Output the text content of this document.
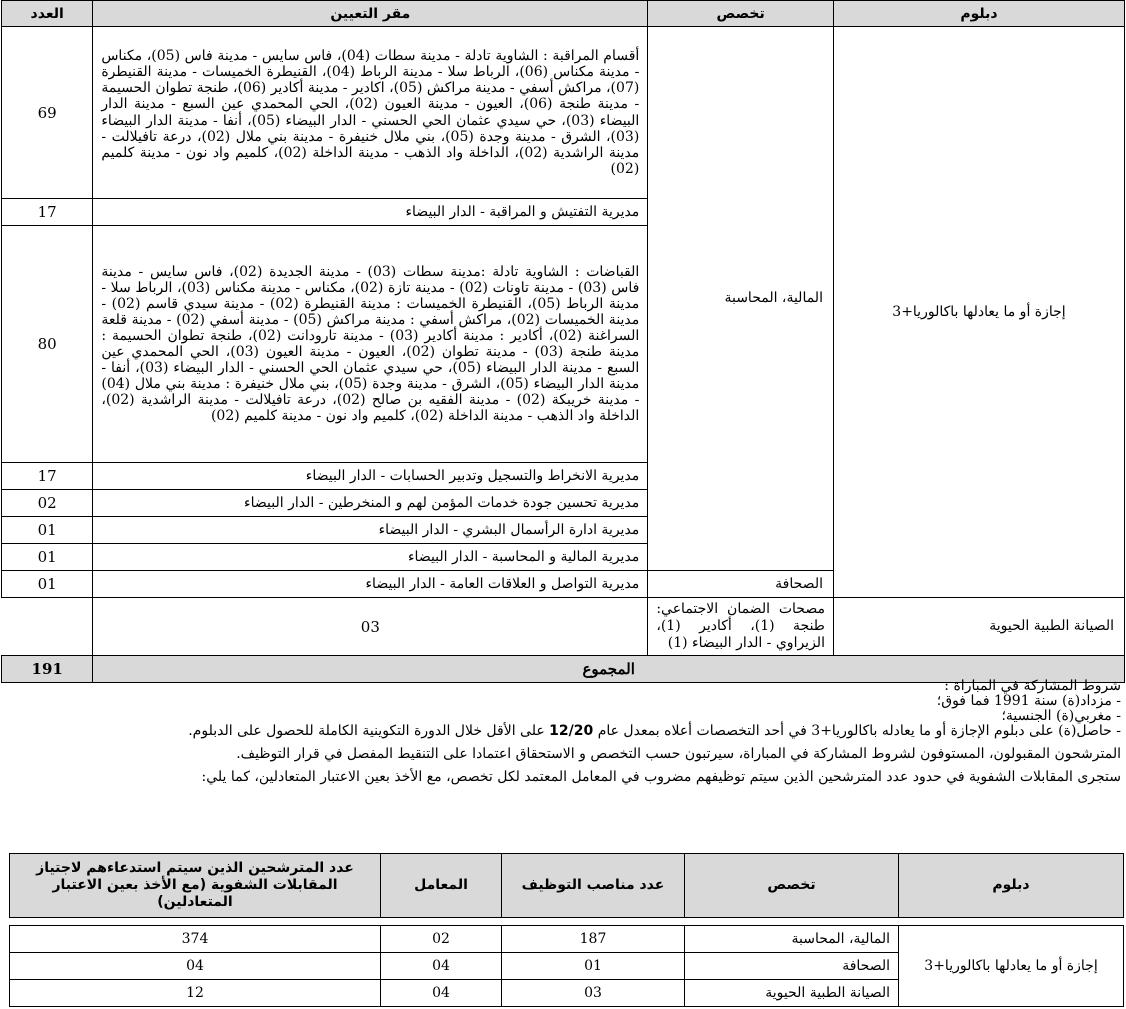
دبلوم	تخصص	مقر التعيين	العدد
إجازة أو ما يعادلها باكالوريا+3	المالية، المحاسبة	أقسام المراقبة : الشاوية تادلة - مدينة سطات (04)، فاس سايس - مدينة فاس (05)، مكناس - مدينة مكناس (06)، الرباط سلا - مدينة الرباط (04)، القنيطرة الخميسات - مدينة القنيطرة (07)، مراكش أسفي - مدينة مراكش (05)، اكادير - مدينة أكادير (06)، طنجة تطوان الحسيمة - مدينة طنجة (06)، العيون - مدينة العيون (02)، الحي المحمدي عين السبع - مدينة الدار البيضاء (03)، حي سيدي عثمان الحي الحسني - الدار البيضاء (05)، أنفا - مدينة الدار البيضاء (03)، الشرق - مدينة وجدة (05)، بني ملال خنيفرة - مدينة بني ملال (02)، درعة تافيلالت - مدينة الراشدية (02)، الداخلة واد الذهب - مدينة الداخلة (02)، كلميم واد نون - مدينة كلميم (02)	69
		مديرية التفتيش و المراقبة - الدار البيضاء	17
		القباضات : الشاوية تادلة :مدينة سطات (03) - مدينة الجديدة (02)، فاس سايس - مدينة فاس (03) - مدينة تاونات (02) - مدينة تازة (02)، مكناس - مدينة مكناس (03)، الرباط سلا - مدينة الرباط (05)، القنيطرة الخميسات : مدينة القنيطرة (02) - مدينة سيدي قاسم (02) - مدينة الخميسات (02)، مراكش أسفي : مدينة مراكش (05) - مدينة أسفي (02) - مدينة قلعة السراغنة (02)، أكادير : مدينة أكادير (03) - مدينة تارودانت (02)، طنجة تطوان الحسيمة : مدينة طنجة (03) - مدينة تطوان (02)، العيون - مدينة العيون (03)، الحي المحمدي عين السبع - مدينة الدار البيضاء (05)، حي سيدي عثمان الحي الحسني - الدار البيضاء (03)، أنفا - مدينة الدار البيضاء (05)، الشرق - مدينة وجدة (05)، بني ملال خنيفرة : مدينة بني ملال (04) - مدينة خريبكة (02) - مدينة الفقيه بن صالح (02)، درعة تافيلالت - مدينة الراشدية (02)، الداخلة واد الذهب - مدينة الداخلة (02)، كلميم واد نون - مدينة كلميم (02)	80
		مديرية الانخراط والتسجيل وتدبير الحسابات - الدار البيضاء	17
		مديرية تحسين جودة خدمات المؤمن لهم و المنخرطين - الدار البيضاء	02
		مديرية ادارة الرأسمال البشري - الدار البيضاء	01
		مديرية المالية و المحاسبة - الدار البيضاء	01
	الصحافة	مديرية التواصل و العلاقات العامة - الدار البيضاء	01
الصيانة الطبية الحيوية	مصحات الضمان الاجتماعي: طنجة (1)، أكادير (1)، الزيراوي - الدار البيضاء (1)	03	
المجموع			191

شروط المشاركة في المباراة :

- مزداد(ة) سنة 1991 فما فوق؛

- مغربي(ة) الجنسية؛

- حاصل(ة) على دبلوم الإجازة أو ما يعادله باكالوريا+3 في أحد التخصصات أعلاه بمعدل عام 12/20 على الأقل خلال الدورة التكوينية الكاملة للحصول على الدبلوم.

المترشحون المقبولون، المستوفون لشروط المشاركة في المباراة، سيرتبون حسب التخصص و الاستحقاق اعتمادا على التنقيط المفصل في قرار التوظيف.

ستجرى المقابلات الشفوية في حدود عدد المترشحين الذين سيتم توظيفهم مضروب في المعامل المعتمد لكل تخصص، مع الأخذ بعين الاعتبار المتعادلين، كما يلي:

دبلوم	تخصص	عدد مناصب التوظيف	المعامل	عدد المترشحين الذين سيتم استدعاءهم لاجتياز المقابلات الشفوية (مع الأخذ بعين الاعتبار المتعادلين)
إجازة أو ما يعادلها باكالوريا+3	المالية، المحاسبة	187	02	374
	الصحافة	01	04	04
	الصيانة الطبية الحيوية	03	04	12
